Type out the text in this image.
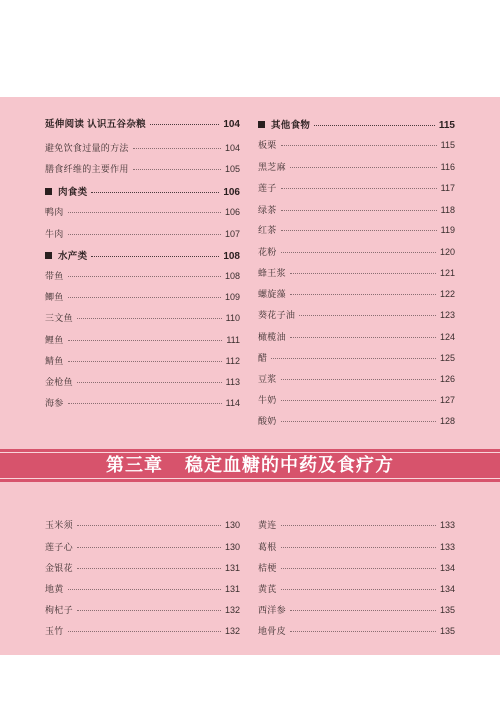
第三章 稳定血糖的中药及食疗方
延伸阅读 认识五谷杂粮	104
避免饮食过量的方法	104
膳食纤维的主要作用	105
肉食类	106
鸭肉	106
牛肉	107
水产类	108
带鱼	108
鲫鱼	109
三文鱼	110
鲤鱼	111
鲭鱼	112
金枪鱼	113
海参	114
其他食物	115
板栗	115
黑芝麻	116
莲子	117
绿茶	118
红茶	119
花粉	120
蜂王浆	121
螺旋藻	122
葵花子油	123
橄榄油	124
醋	125
豆浆	126
牛奶	127
酸奶	128
玉米须	130
莲子心	130
金银花	131
地黄	131
枸杞子	132
玉竹	132
黄连	133
葛根	133
桔梗	134
黄芪	134
西洋参	135
地骨皮	135
